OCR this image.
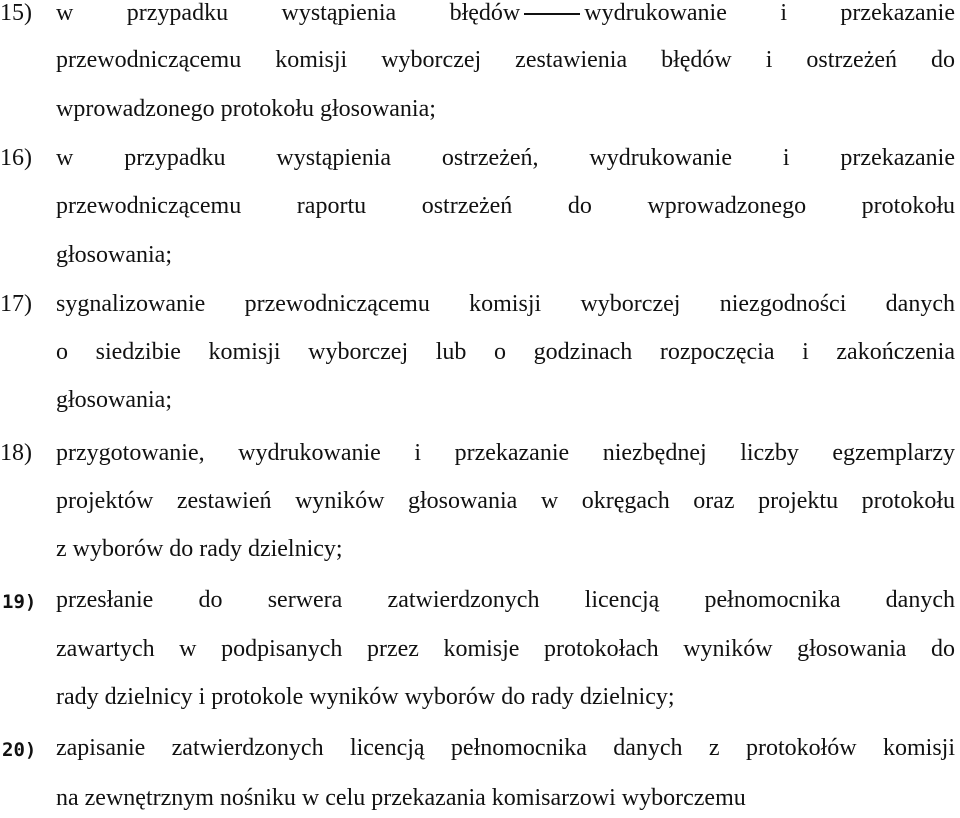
15) w przypadku wystąpienia błędów	wydrukowanie i przekazanie
przewodniczącemu komisji wyborczej zestawienia błędów i ostrzeżeń do
wprowadzonego protokołu głosowania;
16) w przypadku wystąpienia ostrzeżeń, wydrukowanie i przekazanie
przewodniczącemu raportu ostrzeżeń do wprowadzonego protokołu
głosowania;
17) sygnalizowanie przewodniczącemu komisji wyborczej niezgodności danych
o siedzibie komisji wyborczej lub o godzinach rozpoczęcia i zakończenia
głosowania;
18) przygotowanie, wydrukowanie i przekazanie niezbędnej liczby egzemplarzy
projektów zestawień wyników głosowania w okręgach oraz projektu protokołu
z wyborów do rady dzielnicy;
19) przesłanie do serwera zatwierdzonych licencją pełnomocnika danych
zawartych w podpisanych przez komisje protokołach wyników głosowania do
rady dzielnicy i protokole wyników wyborów do rady dzielnicy;
20) zapisanie zatwierdzonych licencją pełnomocnika danych z protokołów komisji
na zewnętrznym nośniku w celu przekazania komisarzowi wyborczemu
